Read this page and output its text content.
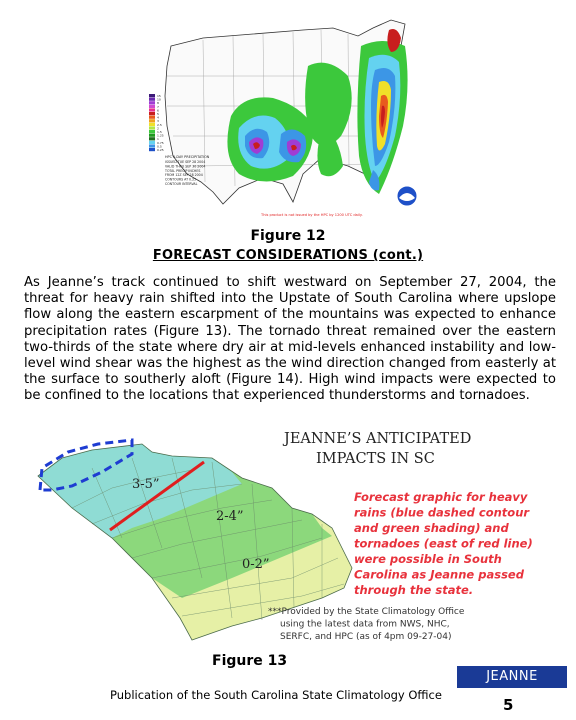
15
10
8
7
6
5
4
3
2.5
2
1.5
1.25
1
0.75
0.5
0.25
HPC 5-DAY PRECIPITATION
ISSUED TUE SEP 28 2004
VALID THRU SEP 30 2004
TOTAL PRECIP INCHES
FROM 12Z SEP 28 2004
CONTOURS AT 0.25
CONTOUR INTERVAL
This product is not issued by the HPC by 1200 UTC daily.
Figure 12
FORECAST CONSIDERATIONS (cont.)

As Jeanne’s track continued to shift westward on September 27, 2004, the threat for heavy rain shifted into the Upstate of South Carolina where upslope flow along the eastern escarpment of the mountains was expected to enhance precipitation rates (Figure 13). The tornado threat remained over the eastern two-thirds of the state where dry air at mid-levels enhanced instability and low-level wind shear was the highest as the wind direction changed from easterly at the surface to southerly aloft (Figure 14). High wind impacts were expected to be confined to the locations that experienced thunderstorms and tornadoes.

3-5”
2-4”
0-2”
JEANNE’S ANTICIPATED
IMPACTS IN SC
Forecast graphic for heavy
rains (blue dashed contour
and green shading) and
tornadoes (east of red line)
were possible in South
Carolina as Jeanne passed
through the state.
***Provided by the State Climatology Office
using the latest data from NWS, NHC,
SERFC, and HPC (as of 4pm 09-27-04)
Figure 13
Publication of the South Carolina State Climatology Office
JEANNE
5
